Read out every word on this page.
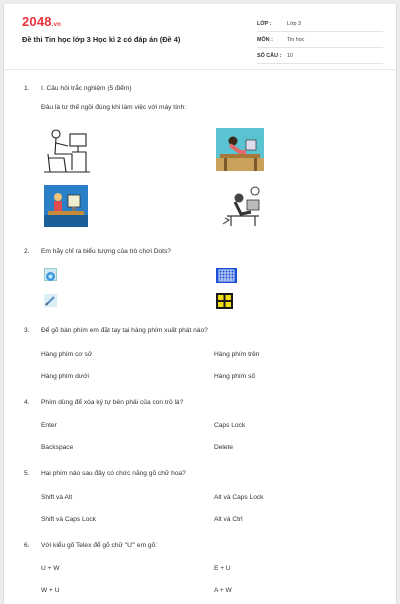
2048.vn
Đề thi Tin học lớp 3 Học kì 2 có đáp án (Đề 4)
LỚP :	Lớp 3
MÔN :	Tin học
SỐ CÂU :	10
1.	I. Câu hỏi trắc nghiệm (5 điểm)
Đâu là tư thế ngồi đúng khi làm việc với máy tính:
2.	Em hãy chỉ ra biểu tượng của trò chơi Dots?
3.	Để gõ bàn phím em đặt tay tại hàng phím xuất phát nào?
Hàng phím cơ sở	Hàng phím trên
Hàng phím dưới	Hàng phím số
4.	Phím dùng để xóa ký tự bên phải của con trỏ là?
Enter	Caps Lock
Backspace	Delete
5.	Hai phím nào sau đây có chức năng gõ chữ hoa?
Shift và Alt	Alt và Caps Lock
Shift và Caps Lock	Alt và Ctrl
6.	Với kiểu gõ Telex để gõ chữ "Ư" em gõ:
U + W	E + U
W + U	A + W
